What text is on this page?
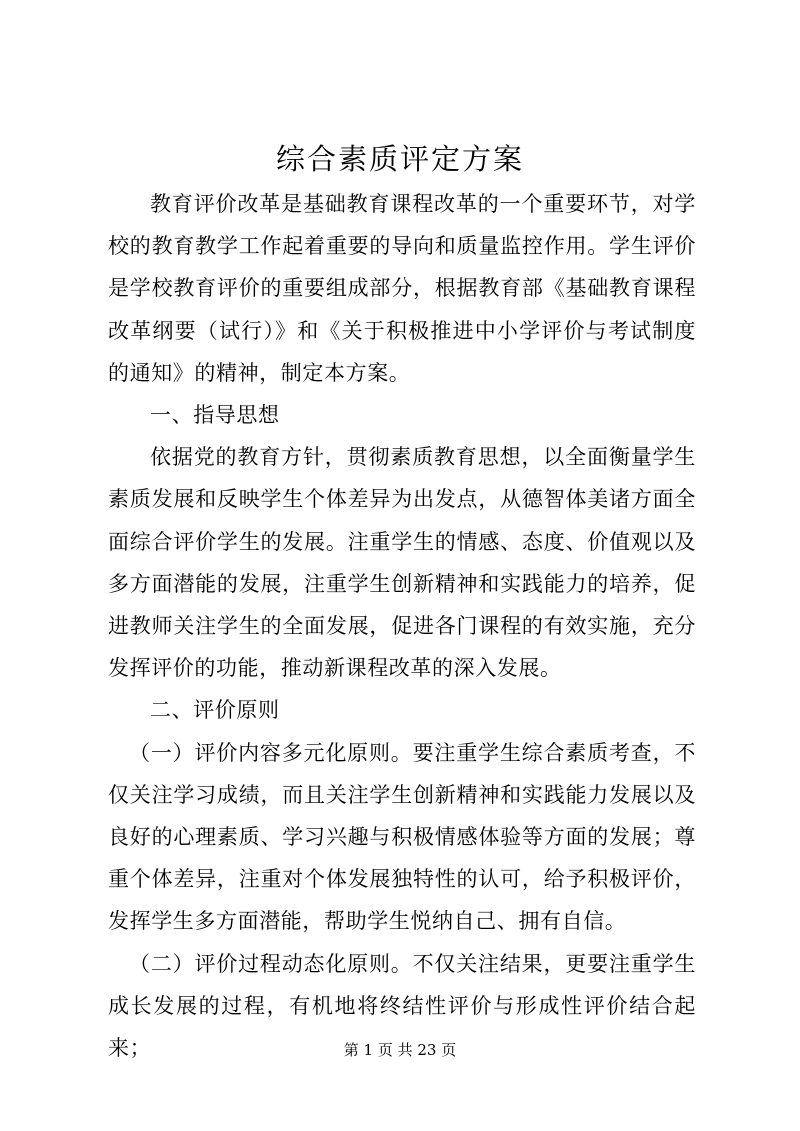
综合素质评定方案

教育评价改革是基础教育课程改革的一个重要环节，对学校的教育教学工作起着重要的导向和质量监控作用。学生评价是学校教育评价的重要组成部分，根据教育部《基础教育课程改革纲要（试行）》和《关于积极推进中小学评价与考试制度的通知》的精神，制定本方案。

一、指导思想

依据党的教育方针，贯彻素质教育思想，以全面衡量学生素质发展和反映学生个体差异为出发点，从德智体美诸方面全面综合评价学生的发展。注重学生的情感、态度、价值观以及多方面潜能的发展，注重学生创新精神和实践能力的培养，促进教师关注学生的全面发展，促进各门课程的有效实施，充分发挥评价的功能，推动新课程改革的深入发展。

二、评价原则

（一）评价内容多元化原则。要注重学生综合素质考查，不仅关注学习成绩，而且关注学生创新精神和实践能力发展以及良好的心理素质、学习兴趣与积极情感体验等方面的发展；尊重个体差异，注重对个体发展独特性的认可，给予积极评价，发挥学生多方面潜能，帮助学生悦纳自己、拥有自信。

（二）评价过程动态化原则。不仅关注结果，更要注重学生成长发展的过程，有机地将终结性评价与形成性评价结合起来；	第 1 页 共 23 页
